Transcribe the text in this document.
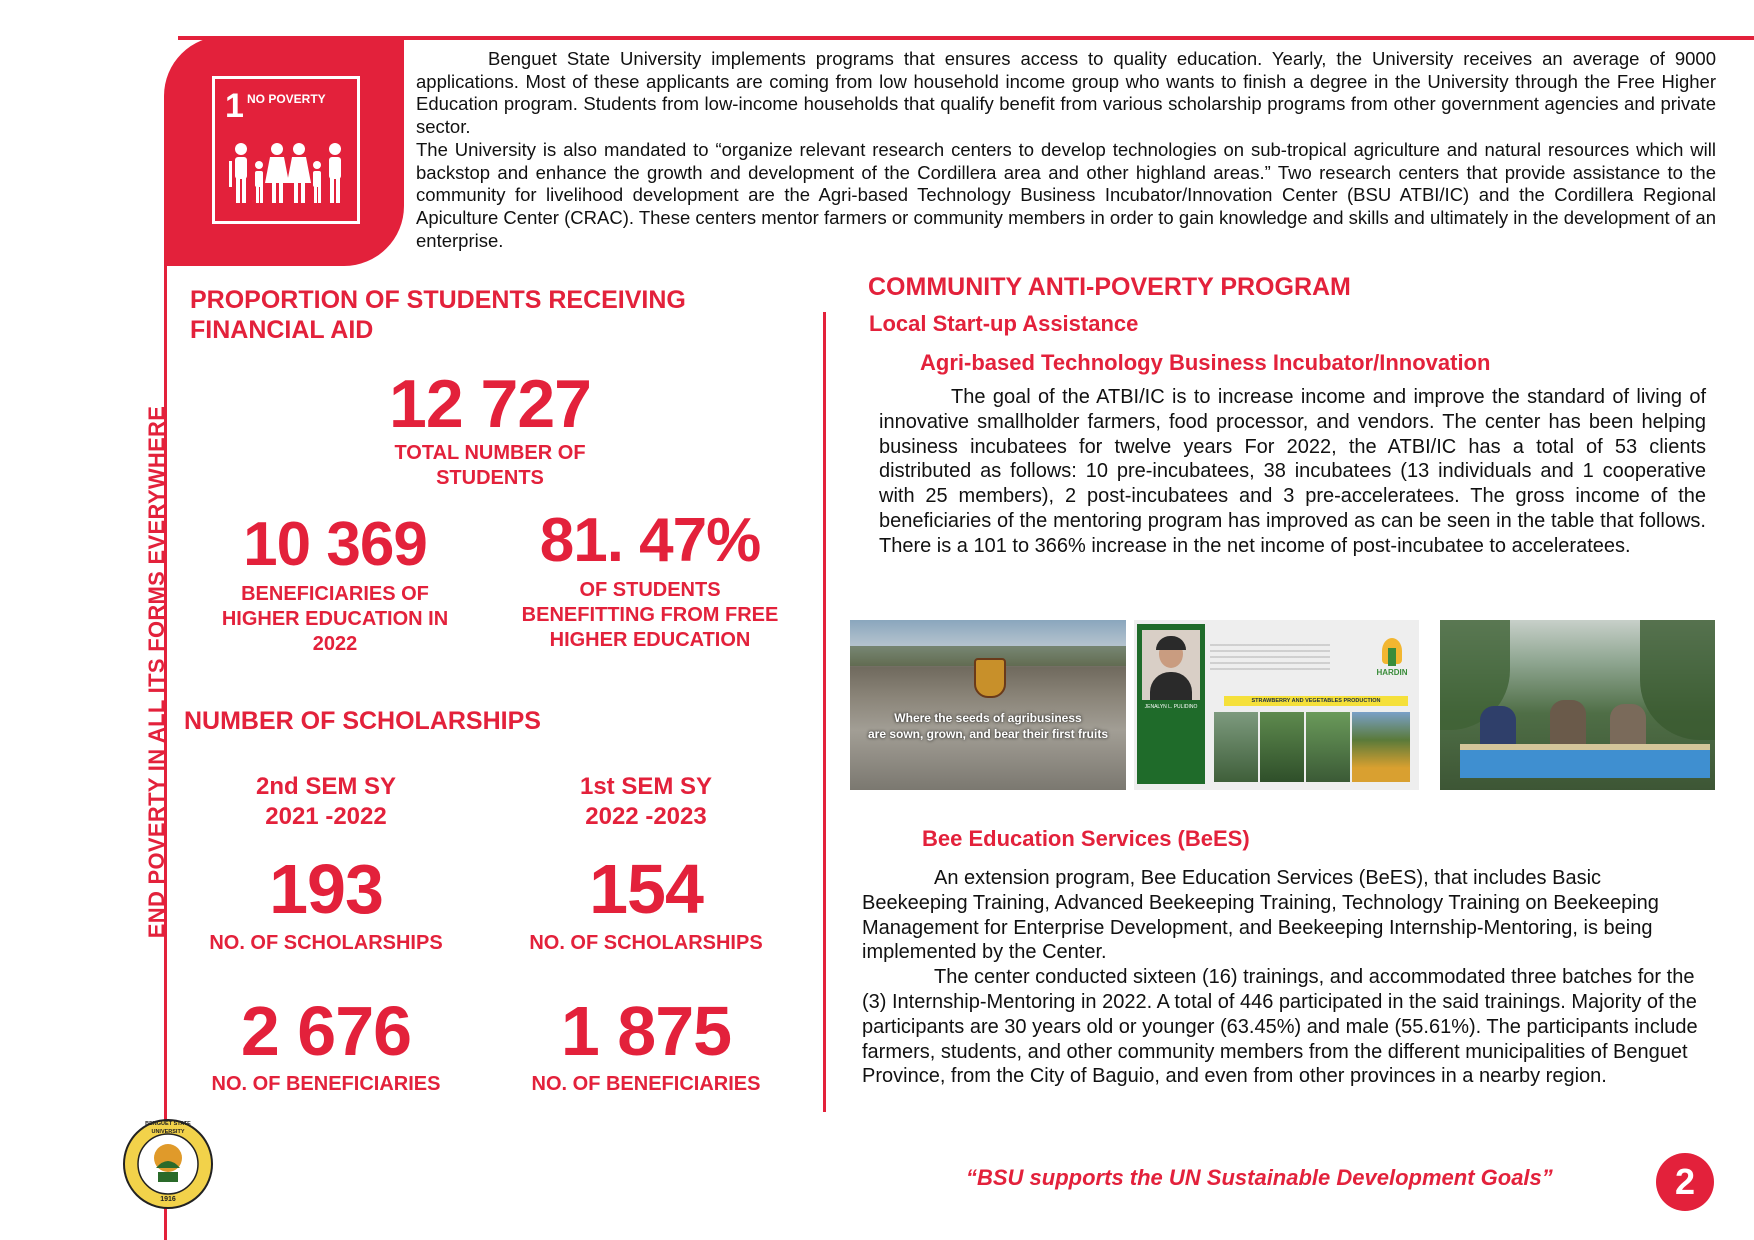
1 NO POVERTY

Benguet State University implements programs that ensures access to quality education. Yearly, the University receives an average of 9000 applications. Most of these applicants are coming from low household income group who wants to finish a degree in the University through the Free Higher Education program. Students from low-income households that qualify benefit from various scholarship programs from other government agencies and private sector.

The University is also mandated to “organize relevant research centers to develop technologies on sub-tropical agriculture and natural resources which will backstop and enhance the growth and development of the Cordillera area and other highland areas.” Two research centers that provide assistance to the community for livelihood development are the Agri-based Technology Business Incubator/Innovation Center (BSU ATBI/IC) and the Cordillera Regional Apiculture Center (CRAC). These centers mentor farmers or community members in order to gain knowledge and skills and ultimately in the development of an enterprise.

END POVERTY IN ALL ITS FORMS EVERYWHERE
PROPORTION OF STUDENTS RECEIVING
FINANCIAL AID
12 727
TOTAL NUMBER OF
STUDENTS
10 369
BENEFICIARIES OF
HIGHER EDUCATION IN
2022
81. 47%
OF STUDENTS
BENEFITTING FROM FREE
HIGHER EDUCATION
NUMBER OF SCHOLARSHIPS
2nd SEM SY
2021 -2022
1st SEM SY
2022 -2023
193	154
NO. OF SCHOLARSHIPS	NO. OF SCHOLARSHIPS
2 676	1 875
NO. OF BENEFICIARIES	NO. OF BENEFICIARIES
COMMUNITY ANTI-POVERTY PROGRAM
Local Start-up Assistance
Agri-based Technology Business Incubator/Innovation

The goal of the ATBI/IC is to increase income and improve the standard of living of innovative smallholder farmers, food processor, and vendors. The center has been helping business incubatees for twelve years For 2022, the ATBI/IC has a total of 53 clients distributed as follows: 10 pre-incubatees, 38 incubatees (13 individuals and 1 cooperative with 25 members), 2 post-incubatees and 3 pre-acceleratees. The gross income of the beneficiaries of the mentoring program has improved as can be seen in the table that follows. There is a 101 to 366% increase in the net income of post-incubatee to acceleratees.

Where the seeds of agribusiness
are sown, grown, and bear their first fruits
JENALYN L. PULIDINO
HARDIN
STRAWBERRY AND VEGETABLES PRODUCTION
Bee Education Services (BeES)

An extension program, Bee Education Services (BeES), that includes Basic Beekeeping Training, Advanced Beekeeping Training, Technology Training on Beekeeping Management for Enterprise Development, and Beekeeping Internship-Mentoring, is being implemented by the Center.

The center conducted sixteen (16) trainings, and accommodated three batches for the (3) Internship-Mentoring in 2022. A total of 446 participated in the said trainings. Majority of the participants are 30 years old or younger (63.45%) and male (55.61%). The participants include farmers, students, and other community members from the different municipalities of Benguet Province, from the City of Baguio, and even from other provinces in a nearby region.

BENGUET STATE UNIVERSITY
1916
“BSU supports the UN Sustainable Development Goals”	2
